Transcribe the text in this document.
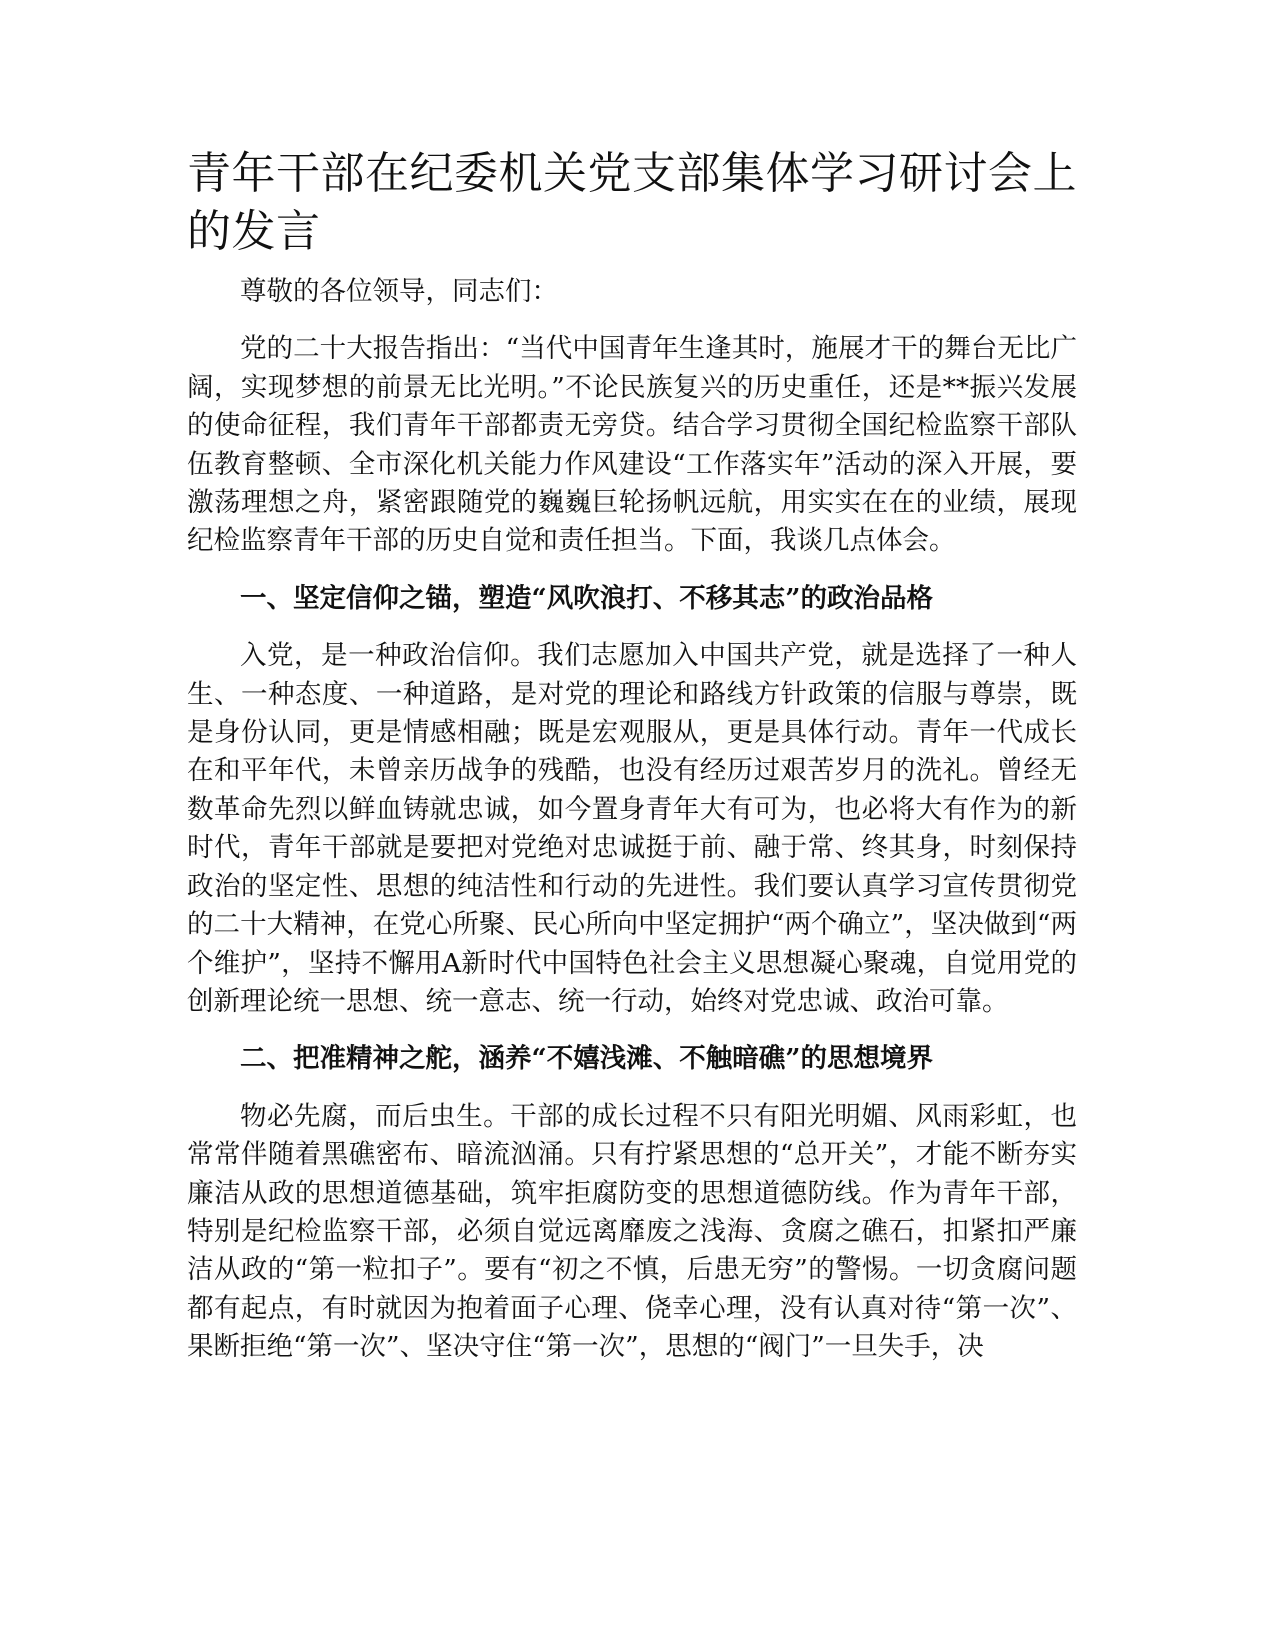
青年干部在纪委机关党支部集体学习研讨会上的发言

尊敬的各位领导，同志们：

党的二十大报告指出：“当代中国青年生逢其时，施展才干的舞台无比广阔，实现梦想的前景无比光明。”不论民族复兴的历史重任，还是**振兴发展的使命征程，我们青年干部都责无旁贷。结合学习贯彻全国纪检监察干部队伍教育整顿、全市深化机关能力作风建设“工作落实年”活动的深入开展，要激荡理想之舟，紧密跟随党的巍巍巨轮扬帆远航，用实实在在的业绩，展现纪检监察青年干部的历史自觉和责任担当。下面，我谈几点体会。

一、坚定信仰之锚，塑造“风吹浪打、不移其志”的政治品格

入党，是一种政治信仰。我们志愿加入中国共产党，就是选择了一种人生、一种态度、一种道路，是对党的理论和路线方针政策的信服与尊崇，既是身份认同，更是情感相融；既是宏观服从，更是具体行动。青年一代成长在和平年代，未曾亲历战争的残酷，也没有经历过艰苦岁月的洗礼。曾经无数革命先烈以鲜血铸就忠诚，如今置身青年大有可为，也必将大有作为的新时代，青年干部就是要把对党绝对忠诚挺于前、融于常、终其身，时刻保持政治的坚定性、思想的纯洁性和行动的先进性。我们要认真学习宣传贯彻党的二十大精神，在党心所聚、民心所向中坚定拥护“两个确立”，坚决做到“两个维护”，坚持不懈用A新时代中国特色社会主义思想凝心聚魂，自觉用党的创新理论统一思想、统一意志、统一行动，始终对党忠诚、政治可靠。

二、把准精神之舵，涵养“不嬉浅滩、不触暗礁”的思想境界

物必先腐，而后虫生。干部的成长过程不只有阳光明媚、风雨彩虹，也常常伴随着黑礁密布、暗流汹涌。只有拧紧思想的“总开关”，才能不断夯实廉洁从政的思想道德基础，筑牢拒腐防变的思想道德防线。作为青年干部，特别是纪检监察干部，必须自觉远离靡废之浅海、贪腐之礁石，扣紧扣严廉洁从政的“第一粒扣子”。要有“初之不慎，后患无穷”的警惕。一切贪腐问题都有起点，有时就因为抱着面子心理、侥幸心理，没有认真对待“第一次”、果断拒绝“第一次”、坚决守住“第一次”，思想的“阀门”一旦失手，决
